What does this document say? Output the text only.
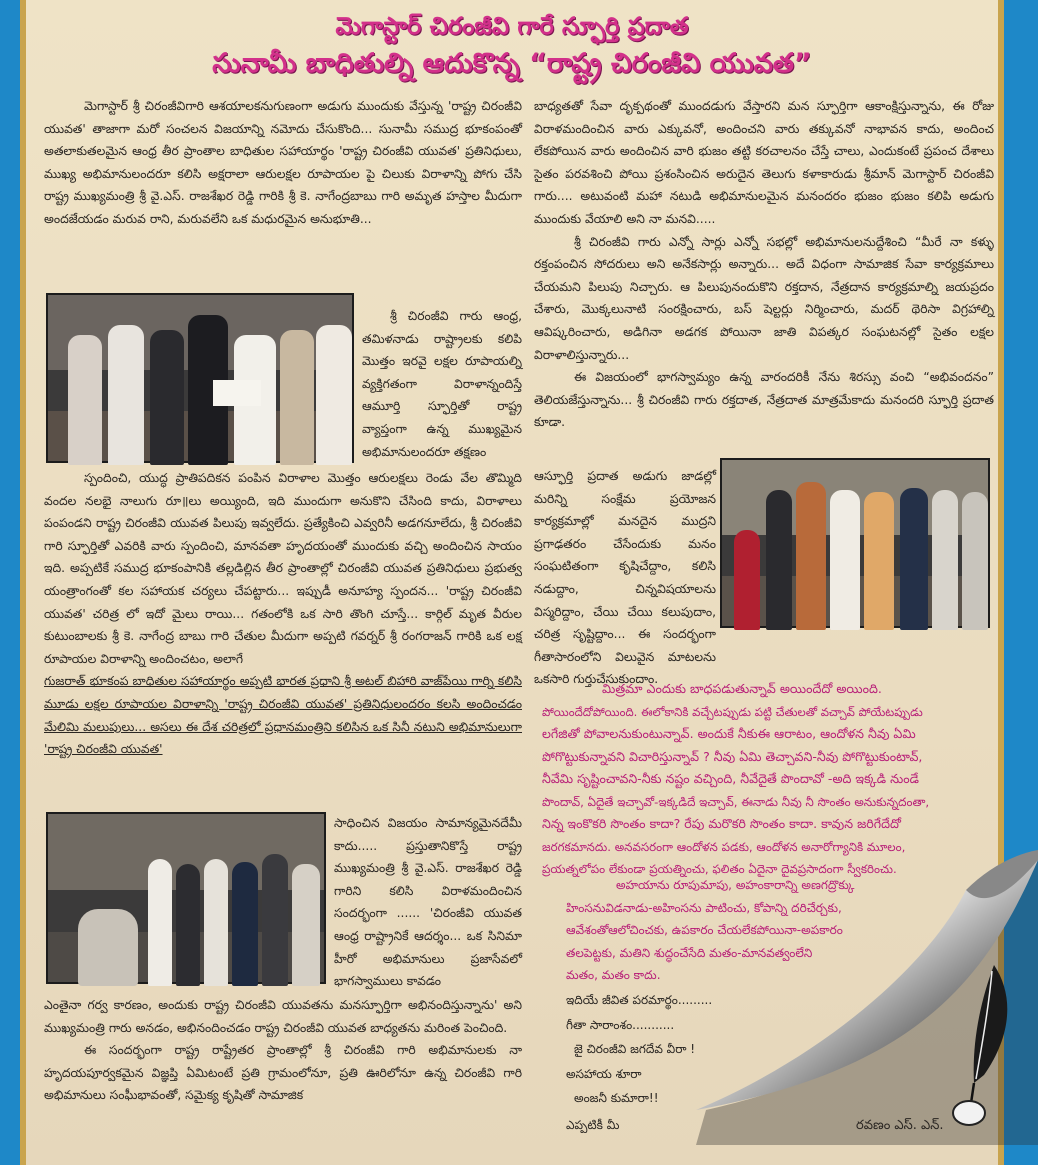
మెగాస్టార్ చిరంజీవి గారే స్ఫూర్తి ప్రదాత
సునామీ బాధితుల్ని ఆదుకొన్న “రాష్ట్ర చిరంజీవి యువత”

మెగాస్టార్ శ్రీ చిరంజీవిగారి ఆశయాలకనుగుణంగా అడుగు ముందుకు వేస్తున్న 'రాష్ట్ర చిరంజీవి యువత' తాజాగా మరో సంచలన విజయాన్ని నమోదు చేసుకొంది... సునామీ సముద్ర భూకంపంతో అతలాకుతలమైన ఆంధ్ర తీర ప్రాంతాల బాధితుల సహాయార్థం 'రాష్ట్ర చిరంజీవి యువత' ప్రతినిధులు, ముఖ్య అభిమానులందరూ కలిసి అక్షరాలా ఆరులక్షల రూపాయల పై చిలుకు విరాళాన్ని పోగు చేసి రాష్ట్ర ముఖ్యమంత్రి శ్రీ వై.ఎస్. రాజశేఖర రెడ్డి గారికి శ్రీ కె. నాగేంద్రబాబు గారి అమృత హస్తాల మీదుగా అందజేయడం మరువ రాని, మరువలేని ఒక మధురమైన అనుభూతి...

శ్రీ చిరంజీవి గారు ఆంధ్ర, తమిళనాడు రాష్ట్రాలకు కలిపి మొత్తం ఇరవై లక్షల రూపాయల్ని వ్యక్తిగతంగా విరాళాన్నందిస్తే ఆమూర్తి స్ఫూర్తితో రాష్ట్ర వ్యాప్తంగా ఉన్న ముఖ్యమైన అభిమానులందరూ తక్షణం

స్పందించి, యుద్ధ ప్రాతిపదికన పంపిన విరాళాల మొత్తం ఆరులక్షలు రెండు వేల తొమ్మిది వందల నలభై నాలుగు రూ॥లు అయ్యింది, ఇది ముందుగా అనుకొని చేసింది కాదు, విరాళాలు పంపండని రాష్ట్ర చిరంజీవి యువత పిలుపు ఇవ్వలేదు. ప్రత్యేకించి ఎవ్వరినీ అడగనూలేదు, శ్రీ చిరంజీవి గారి స్ఫూర్తితో ఎవరికి వారు స్పందించి, మానవతా హృదయంతో ముందుకు వచ్చి అందించిన సాయం ఇది. అప్పటికే సముద్ర భూకంపానికి తల్లడిల్లిన తీర ప్రాంతాల్లో చిరంజీవి యువత ప్రతినిధులు ప్రభుత్వ యంత్రాంగంతో కల సహాయక చర్యలు చేపట్టారు... ఇప్పుడీ అనూహ్య స్పందన... 'రాష్ట్ర చిరంజీవి యువత' చరిత్ర లో ఇదో మైలు రాయి... గతంలోకి ఒక సారి తొంగి చూస్తే... కార్గిల్ మృత వీరుల కుటుంబాలకు శ్రీ కె. నాగేంద్ర బాబు గారి చేతుల మీదుగా అప్పటి గవర్నర్ శ్రీ రంగరాజన్ గారికి ఒక లక్ష రూపాయల విరాళాన్ని అందించటం, అలాగే

గుజరాత్ భూకంప బాధితుల సహాయార్థం అప్పటి భారత ప్రధాని శ్రీ అటల్ బిహారి వాజ్‌పేయి గార్ని కలిసి మూడు లక్షల రూపాయల విరాళాన్ని 'రాష్ట్ర చిరంజీవి యువత' ప్రతినిధులందరం కలసి అందించడం మేలిమి మలుపులు... అసలు ఈ దేశ చరిత్రలో ప్రధానమంత్రిని కలిసిన ఒక సినీ నటుని అభిమానులుగా 'రాష్ట్ర చిరంజీవి యువత'

సాధించిన విజయం సామాన్యమైనదేమీ కాదు..... ప్రస్తుతానికొస్తే రాష్ట్ర ముఖ్యమంత్రి శ్రీ వై.ఎస్. రాజశేఖర రెడ్డి గారిని కలిసి విరాళమందించిన సందర్భంగా ...... 'చిరంజీవి యువత ఆంధ్ర రాష్ట్రానికే ఆదర్శం... ఒక సినిమా హీరో అభిమానులు ప్రజాసేవలో భాగస్వాములు కావడం

ఎంతైనా గర్వ కారణం, అందుకు రాష్ట్ర చిరంజీవి యువతను మనస్ఫూర్తిగా అభినందిస్తున్నాను' అని ముఖ్యమంత్రి గారు అనడం, అభినందించడం రాష్ట్ర చిరంజీవి యువత బాధ్యతను మరింత పెంచింది.

ఈ సందర్భంగా రాష్ట్ర రాష్ట్రేతర ప్రాంతాల్లో శ్రీ చిరంజీవి గారి అభిమానులకు నా హృదయపూర్వకమైన విజ్ఞప్తి ఏమిటంటే ప్రతి గ్రామంలోనూ, ప్రతి ఊరిలోనూ ఉన్న చిరంజీవి గారి అభిమానులు సంఘీభావంతో, సమైక్య కృషితో సామాజిక

బాధ్యతతో సేవా దృక్పథంతో ముందడుగు వేస్తారని మన స్ఫూర్తిగా ఆకాంక్షిస్తున్నాను, ఈ రోజు విరాళమందించిన వారు ఎక్కువనో, అందించని వారు తక్కువనో నాభావన కాదు, అందించ లేకపోయిన వారు అందించిన వారి భుజం తట్టి కరచాలనం చేస్తే చాలు, ఎందుకంటే ప్రపంచ దేశాలు సైతం పరవశించి పోయి ప్రశంసించిన అరుదైన తెలుగు కళాకారుడు శ్రీమాన్ మెగాస్టార్ చిరంజీవి గారు.... అటువంటి మహా నటుడి అభిమానులమైన మనందరం భుజం భుజం కలిపి అడుగు ముందుకు వేయాలి అని నా మనవి.....

శ్రీ చిరంజీవి గారు ఎన్నో సార్లు ఎన్నో సభల్లో అభిమానులనుద్దేశించి “మీరే నా కళ్ళు రక్తంపంచిన సోదరులు అని అనేకసార్లు అన్నారు... అదే విధంగా సామాజిక సేవా కార్యక్రమాలు చేయమని పిలుపు నిచ్చారు. ఆ పిలుపునందుకొని రక్తదాన, నేత్రదాన కార్యక్రమాల్ని జయప్రదం చేశారు, మొక్కలునాటి సంరక్షించారు, బస్ షెల్టర్లు నిర్మించారు, మదర్ థెరిసా విగ్రహాల్ని ఆవిష్కరించారు, అడిగినా అడగక పోయినా జాతి విపత్కర సంఘటనల్లో సైతం లక్షల విరాళాలిస్తున్నారు...

ఈ విజయంలో భాగస్వామ్యం ఉన్న వారందరికీ నేను శిరస్సు వంచి “అభివందనం” తెలియజేస్తున్నాను... శ్రీ చిరంజీవి గారు రక్తదాత, నేత్రదాత మాత్రమేకాదు మనందరి స్ఫూర్తి ప్రదాత కూడా.

ఆస్ఫూర్తి ప్రదాత అడుగు జాడల్లో మరిన్ని సంక్షేమ ప్రయోజన కార్యక్రమాల్లో మనదైన ముద్రని ప్రగాఢతరం చేసేందుకు మనం సంఘటితంగా కృషిచేద్దాం, కలిసి నడుద్దాం, చిన్నవిషయాలను విస్మరిద్దాం, చేయి చేయి కలుపుదాం, చరిత్ర సృష్టిద్దాం... ఈ సందర్భంగా గీతాసారంలోని విలువైన మాటలను ఒకసారి గుర్తుచేసుకుందాం.

మిత్రమా ఎందుకు బాధపడుతున్నావ్ అయిందేదో అయింది.
పోయిందేదోపోయింది. ఈలోకానికి వచ్చేటప్పుడు పట్టి చేతులతో వచ్చావ్ పోయేటప్పుడు
లగేజితో పోవాలనుకుంటున్నావ్. అందుకే నీకుఈ ఆరాటం, ఆందోళన నీవు ఏమి
పోగొట్టుకున్నావని విచారిస్తున్నావ్ ? నీవు ఏమి తెచ్చావని-నీవు పోగొట్టుకుంటావ్,
నీవేమి సృష్టించావని-నీకు నష్టం వచ్చింది, నీవేదైతే పొందావో -అది ఇక్కడి నుండే
పొందావ్, ఏదైతే ఇచ్చావో-ఇక్కడిదే ఇచ్చావ్, ఈనాడు నీవు నీ సొంతం అనుకున్నదంతా,
నిన్న ఇంకొకరి సొంతం కాదా? రేపు మరొకరి సొంతం కాదా. కావున జరిగేదేదో
జరగకమానదు. అనవసరంగా ఆందోళన పడకు, ఆందోళన అనారోగ్యానికి మూలం,
ప్రయత్నలోపం లేకుండా ప్రయత్నించు, ఫలితం ఏదైనా దైవప్రసాదంగా స్వీకరించు.
అహయాను రూపుమాపు, అహంకారాన్ని అణగద్రొక్కు
హింసనువిడనాడు-అహింసను పాటించు, కోపాన్ని దరిచేర్చకు,
ఆవేశంతోఆలోచించకు, ఉపకారం చేయలేకపోయినా-అపకారం
తలపెట్టకు, మతిని శుద్ధంచేసేది మతం-మానవత్వంలేని
మతం, మతం కాదు.
ఇదియే జీవిత పరమార్థం.........
గీతా సారాంశం...........
జై చిరంజీవి జగదేవ వీరా !
అసహాయ శూరా
అంజనీ కుమారా!!
ఎప్పటికీ మీ	రవణం ఎస్. ఎన్.
